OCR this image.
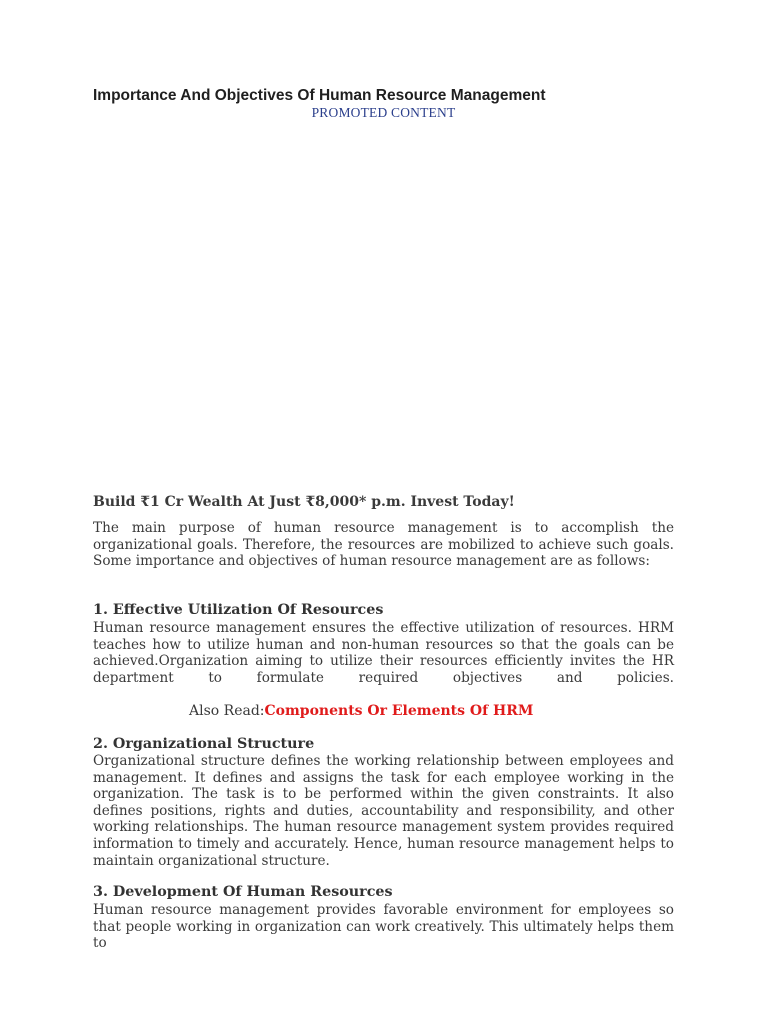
Importance And Objectives Of Human Resource Management
PROMOTED CONTENT
Build ₹1 Cr Wealth At Just ₹8,000* p.m. Invest Today!
The main purpose of human resource management is to accomplish the organizational goals. Therefore, the resources are mobilized to achieve such goals. Some importance and objectives of human resource management are as follows:
1. Effective Utilization Of Resources
Human resource management ensures the effective utilization of resources. HRM teaches how to utilize human and non-human resources so that the goals can be achieved.Organization aiming to utilize their resources efficiently invites the HR department to formulate required objectives and policies.
Also Read:Components Or Elements Of HRM
2. Organizational Structure
Organizational structure defines the working relationship between employees and management. It defines and assigns the task for each employee working in the organization. The task is to be performed within the given constraints. It also defines positions, rights and duties, accountability and responsibility, and other working relationships. The human resource management system provides required information to timely and accurately. Hence, human resource management helps to maintain organizational structure.
3. Development Of Human Resources
Human resource management provides favorable environment for employees so that people working in organization can work creatively. This ultimately helps them to
